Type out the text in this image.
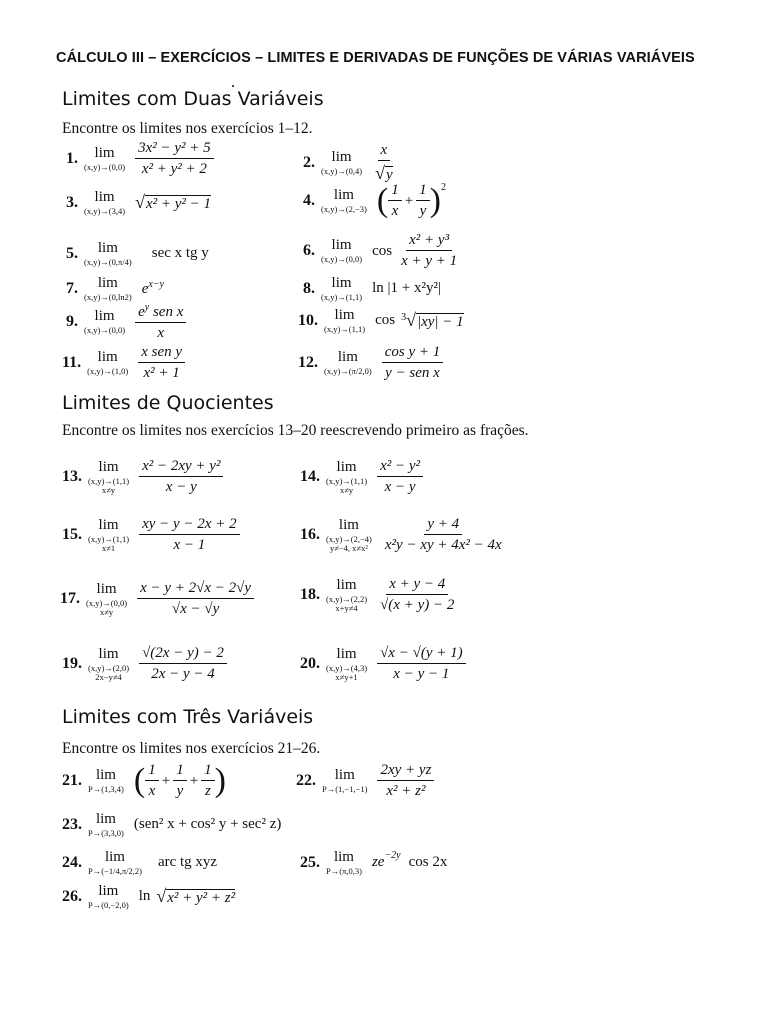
CÁLCULO III – EXERCÍCIOS – LIMITES E DERIVADAS DE FUNÇÕES DE VÁRIAS VARIÁVEIS
Limites com Duas Variáveis
Encontre os limites nos exercícios 1–12.
1. lim
$(x,y)\to(0,0) \frac{\text{3x² − y² + 5}}{\text{x² + y² + 2}}$	2. lim
$(x,y)\to(0,4) \frac{x}{√y}$
3. lim
(x,y)→(3,4) √x² + y² − 1	4. lim
(x,y)→(2,−3) ( $\frac{1}{x} + \frac{1}{y} )^2$
5. lim
(x,y)→(0,π/4)
sec x tg y	6. lim
(x,y)→(0,0)
$\cos \frac{\text{x² + y³}}{x + y + 1}$
7. lim
(x,y)→(0,ln2) $e^{x-y}$	8. lim
(x,y)→(1,1)
ln |1 + x²y²|
9. lim
$(x,y)\to(0,0) \frac{e^y sen x}{x}$	10. lim
(x,y)→(1,1)
cos $^3$√|xy| − 1
11. lim
$(x,y)\to(1,0) \frac{\text{x sen y}}{\text{x² + 1}}$	12. lim
$(x,y)\to(\pi/2,0) \frac{\text{cos y + 1}}{\text{y − sen x}}$
Limites de Quocientes
Encontre os limites nos exercícios 13–20 reescrevendo primeiro as frações.
13.
lim
(x,y)→(1,1)
$x\ne y \frac{\text{x² − 2xy + y²}}{x - y}$	14.
lim
(x,y)→(1,1)
$x\ne y \frac{\text{x² − y²}}{x - y}$
15.
lim
(x,y)→(1,1)
$x\ne 1 \frac{xy - y - 2x + 2}{x - 1}$	16.
lim
(x,y)→(2,−4)
y≠−4, $x\ne x^2 \frac{y + 4}{\text{x²y − xy + 4x² − 4x}}$
17.
lim
(x,y)→(0,0)
$x\ne y \frac{x - y + 2√x - 2√y}{√x - √y}$	18.
lim
(x,y)→(2,2)
$x+y\ne 4 \frac{x + y - 4}{√(x + y) - 2}$
19.
lim
(x,y)→(2,0)
$2x-y\ne 4 \frac{√(2x - y) - 2}{2x - y - 4}$	20.
lim
(x,y)→(4,3)
$x\ne y+1 \frac{√x - √(y + 1)}{x - y - 1}$
Limites com Três Variáveis
Encontre os limites nos exercícios 21–26.
21. lim
P→(1,3,4) ( $\frac{1}{x} + \frac{1}{y} + \frac{1}{z}$ )	22. lim
$P\to(1,-1,-1) \frac{2xy + yz}{\text{x² + z²}}$
23. lim
P→(3,3,0)
(sen² x + cos² y + sec² z)
24. lim
P→(−1/4,π/2,2)
arc tg xyz	25. lim
P→(π,0,3)
$ze^{-2y}$ cos 2x
26. lim
P→(0,−2,0)
ln √x² + y² + z²
